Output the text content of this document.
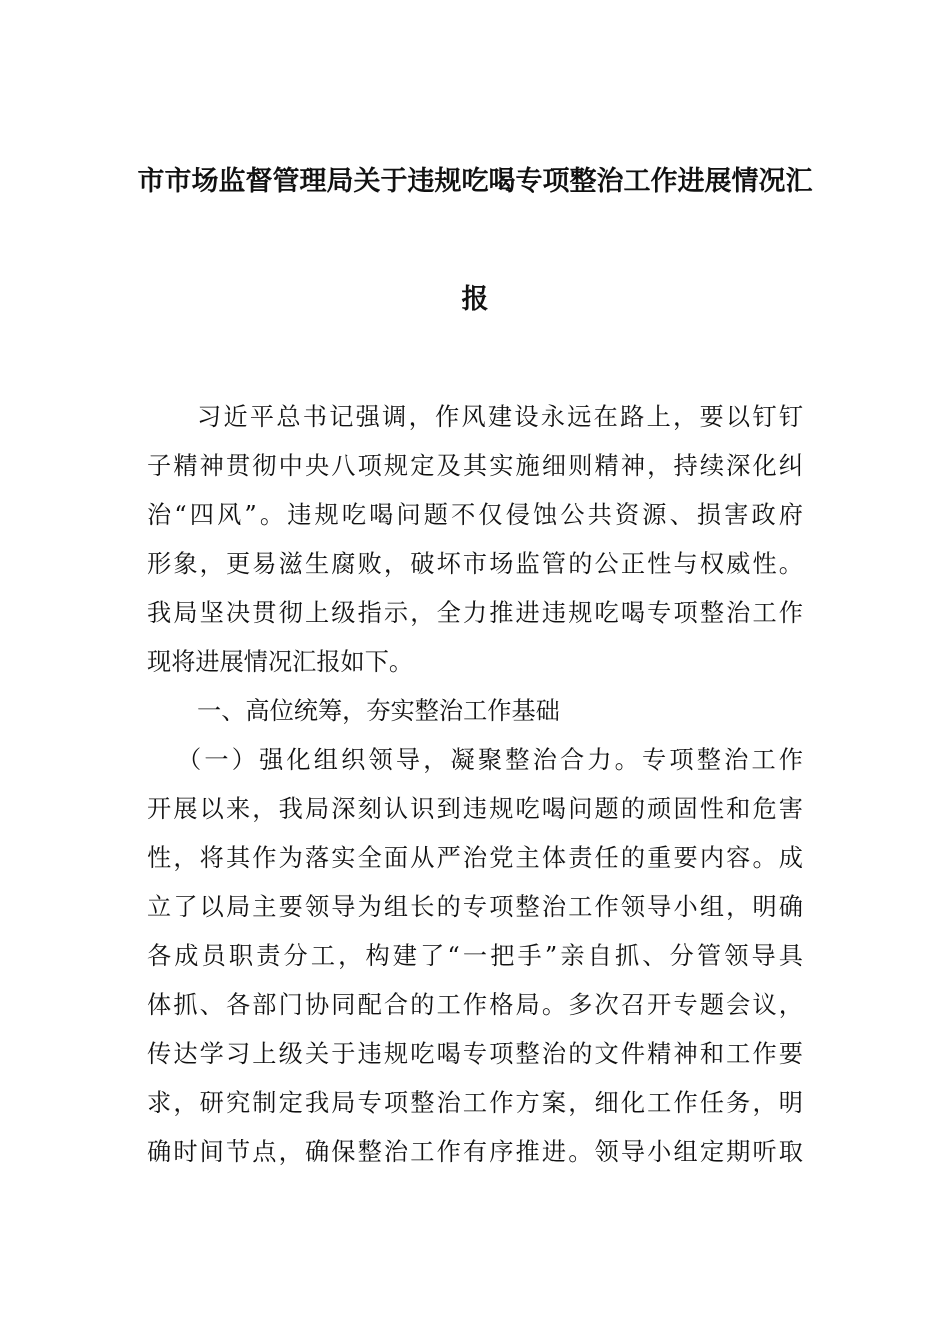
市市场监督管理局关于违规吃喝专项整治工作进展情况汇
报
习近平总书记强调，作风建设永远在路上，要以钉钉
子精神贯彻中央八项规定及其实施细则精神，持续深化纠
治“四风”。违规吃喝问题不仅侵蚀公共资源、损害政府
形象，更易滋生腐败，破坏市场监管的公正性与权威性。
我局坚决贯彻上级指示，全力推进违规吃喝专项整治工作
现将进展情况汇报如下。
一、高位统筹，夯实整治工作基础
（一）强化组织领导，凝聚整治合力。专项整治工作
开展以来，我局深刻认识到违规吃喝问题的顽固性和危害
性，将其作为落实全面从严治党主体责任的重要内容。成
立了以局主要领导为组长的专项整治工作领导小组，明确
各成员职责分工，构建了“一把手”亲自抓、分管领导具
体抓、各部门协同配合的工作格局。多次召开专题会议，
传达学习上级关于违规吃喝专项整治的文件精神和工作要
求，研究制定我局专项整治工作方案，细化工作任务，明
确时间节点，确保整治工作有序推进。领导小组定期听取
